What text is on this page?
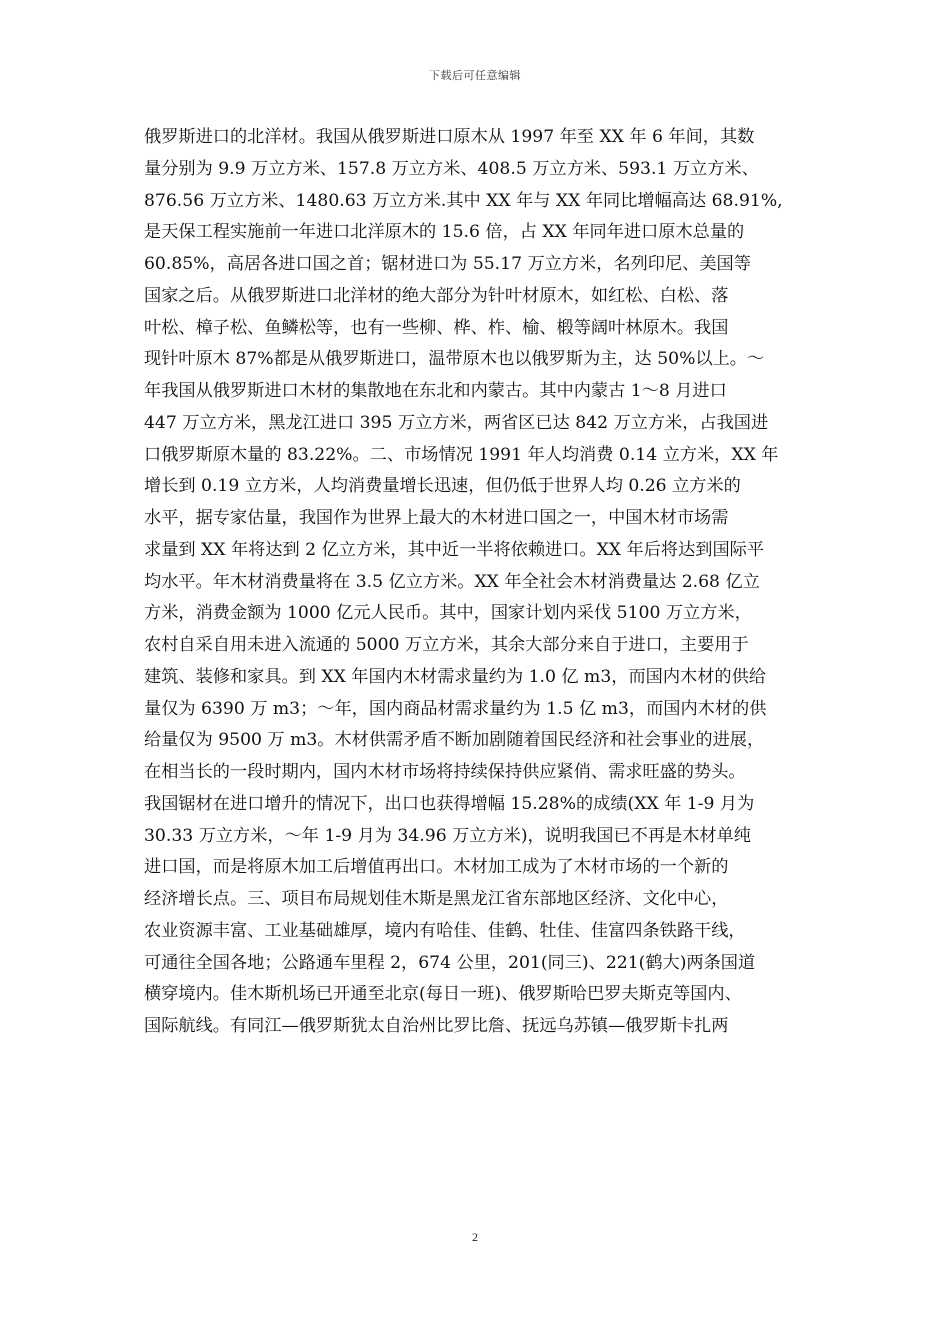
下载后可任意编辑
俄罗斯进口的北洋材。我国从俄罗斯进口原木从 1997 年至 XX 年 6 年间，其数
量分别为 9.9 万立方米、157.8 万立方米、408.5 万立方米、593.1 万立方米、
876.56 万立方米、1480.63 万立方米.其中 XX 年与 XX 年同比增幅高达 68.91%,
是天保工程实施前一年进口北洋原木的 15.6 倍，占 XX 年同年进口原木总量的
60.85%，高居各进口国之首；锯材进口为 55.17 万立方米，名列印尼、美国等
国家之后。从俄罗斯进口北洋材的绝大部分为针叶材原木，如红松、白松、落
叶松、樟子松、鱼鳞松等，也有一些柳、桦、柞、榆、椴等阔叶林原木。我国
现针叶原木 87%都是从俄罗斯进口，温带原木也以俄罗斯为主，达 50%以上。～
年我国从俄罗斯进口木材的集散地在东北和内蒙古。其中内蒙古 1～8 月进口
447 万立方米，黑龙江进口 395 万立方米，两省区已达 842 万立方米，占我国进
口俄罗斯原木量的 83.22%。二、市场情况 1991 年人均消费 0.14 立方米，XX 年
增长到 0.19 立方米，人均消费量增长迅速，但仍低于世界人均 0.26 立方米的
水平，据专家估量，我国作为世界上最大的木材进口国之一，中国木材市场需
求量到 XX 年将达到 2 亿立方米，其中近一半将依赖进口。XX 年后将达到国际平
均水平。年木材消费量将在 3.5 亿立方米。XX 年全社会木材消费量达 2.68 亿立
方米，消费金额为 1000 亿元人民币。其中，国家计划内采伐 5100 万立方米，
农村自采自用未进入流通的 5000 万立方米，其余大部分来自于进口，主要用于
建筑、装修和家具。到 XX 年国内木材需求量约为 1.0 亿 m3，而国内木材的供给
量仅为 6390 万 m3；～年，国内商品材需求量约为 1.5 亿 m3，而国内木材的供
给量仅为 9500 万 m3。木材供需矛盾不断加剧随着国民经济和社会事业的进展，
在相当长的一段时期内，国内木材市场将持续保持供应紧俏、需求旺盛的势头。
我国锯材在进口增升的情况下，出口也获得增幅 15.28%的成绩(XX 年 1-9 月为
30.33 万立方米，～年 1-9 月为 34.96 万立方米)，说明我国已不再是木材单纯
进口国，而是将原木加工后增值再出口。木材加工成为了木材市场的一个新的
经济增长点。三、项目布局规划佳木斯是黑龙江省东部地区经济、文化中心，
农业资源丰富、工业基础雄厚，境内有哈佳、佳鹤、牡佳、佳富四条铁路干线，
可通往全国各地；公路通车里程 2，674 公里，201(同三)、221(鹤大)两条国道
横穿境内。佳木斯机场已开通至北京(每日一班)、俄罗斯哈巴罗夫斯克等国内、
国际航线。有同江—俄罗斯犹太自治州比罗比詹、抚远乌苏镇—俄罗斯卡扎两
2
